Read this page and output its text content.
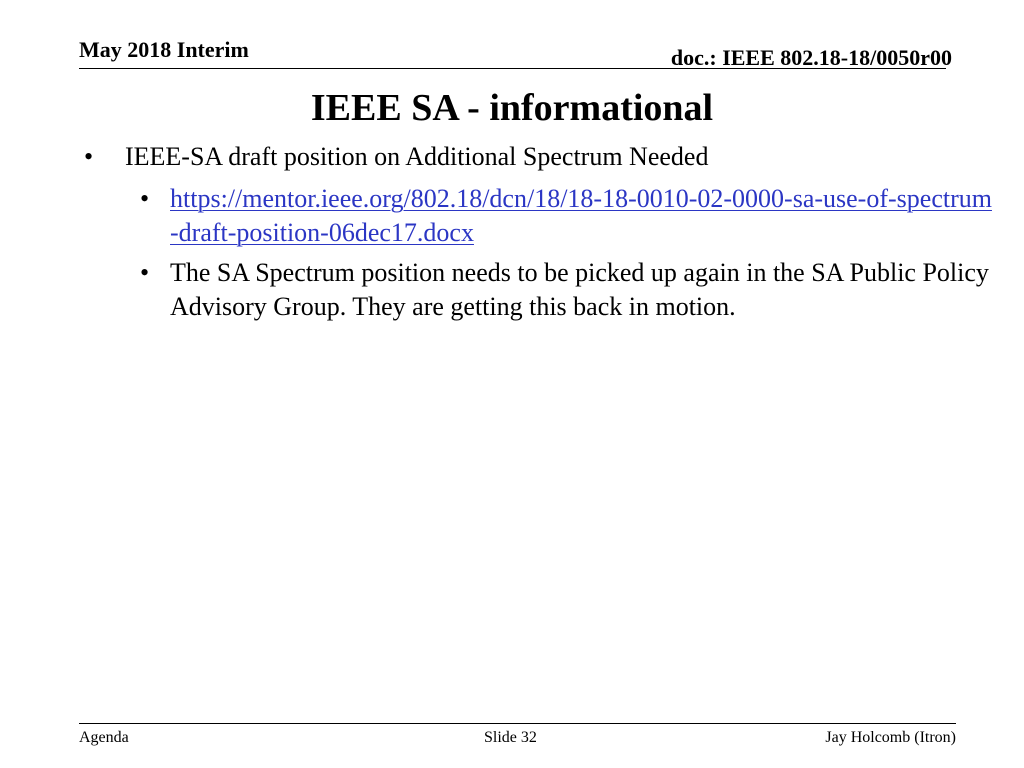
May 2018 Interim	doc.: IEEE 802.18-18/0050r00
IEEE SA - informational
• IEEE-SA draft position on Additional Spectrum Needed
• https://mentor.ieee.org/802.18/dcn/18/18-18-0010-02-0000-sa-use-of-spectrum-draft-position-06dec17.docx
• The SA Spectrum position needs to be picked up again in the SA Public Policy Advisory Group. They are getting this back in motion.
Agenda	Slide 32	Jay Holcomb (Itron)
